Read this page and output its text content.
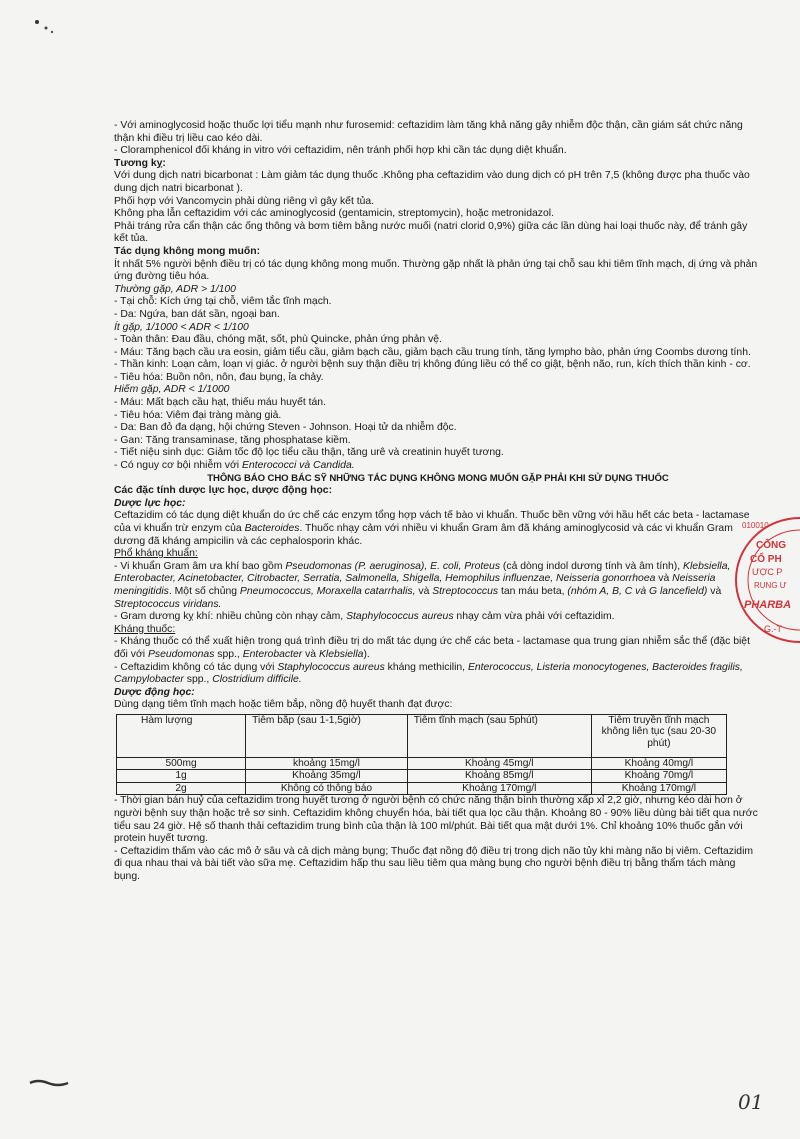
- Với aminoglycosid hoặc thuốc lợi tiểu mạnh như furosemid: ceftazidim làm tăng khả năng gây nhiễm độc thận, cần giám sát chức năng thận khi điều trị liều cao kéo dài.

- Cloramphenicol đối kháng in vitro với ceftazidim, nên tránh phối hợp khi cần tác dụng diệt khuẩn.

Tương kỵ:

Với dung dịch natri bicarbonat : Làm giảm tác dụng thuốc .Không pha ceftazidim vào dung dịch có pH trên 7,5 (không được pha thuốc vào dung dịch natri bicarbonat ).

Phối hợp với Vancomycin phải dùng riêng vì gây kết tủa.

Không pha lẫn ceftazidim với các aminoglycosid (gentamicin, streptomycin), hoặc metronidazol.

Phải tráng rửa cẩn thận các ống thông và bơm tiêm bằng nước muối (natri clorid 0,9%) giữa các lần dùng hai loại thuốc này, để tránh gây kết tủa.

Tác dụng không mong muốn:

Ít nhất 5% người bệnh điều trị có tác dụng không mong muốn. Thường gặp nhất là phản ứng tại chỗ sau khi tiêm tĩnh mạch, dị ứng và phản ứng đường tiêu hóa.

Thường gặp, ADR > 1/100

- Tại chỗ: Kích ứng tại chỗ, viêm tắc tĩnh mạch.

- Da: Ngứa, ban dát sần, ngoại ban.

Ít gặp, 1/1000 < ADR < 1/100

- Toàn thân: Đau đầu, chóng mặt, sốt, phù Quincke, phản ứng phản vệ.

- Máu: Tăng bạch cầu ưa eosin, giảm tiểu cầu, giảm bạch cầu, giảm bạch cầu trung tính, tăng lympho bào, phản ứng Coombs dương tính.

- Thần kinh: Loạn cảm, loạn vị giác. ở người bệnh suy thận điều trị không đúng liều có thể co giật, bệnh não, run, kích thích thần kinh - cơ.

- Tiêu hóa: Buồn nôn, nôn, đau bụng, ỉa chảy.

Hiếm gặp, ADR < 1/1000

- Máu: Mất bạch cầu hạt, thiếu máu huyết tán.

- Tiêu hóa: Viêm đại tràng màng giả.

- Da: Ban đỏ đa dạng, hội chứng Steven - Johnson. Hoại tử da nhiễm độc.

- Gan: Tăng transaminase, tăng phosphatase kiềm.

- Tiết niệu sinh dục: Giảm tốc độ lọc tiểu cầu thận, tăng urê và creatinin huyết tương.

- Có nguy cơ bội nhiễm với Enterococci và Candida.

THÔNG BÁO CHO BÁC SỸ NHỮNG TÁC DỤNG KHÔNG MONG MUỐN GẶP PHẢI KHI SỬ DỤNG THUỐC

Các đặc tính dược lực học, dược động học:

Dược lực học:

Ceftazidim có tác dụng diệt khuẩn do ức chế các enzym tổng hợp vách tế bào vi khuẩn. Thuốc bền vững với hầu hết các beta - lactamase của vi khuẩn trừ enzym của Bacteroides. Thuốc nhạy cảm với nhiều vi khuẩn Gram âm đã kháng aminoglycosid và các vi khuẩn Gram dương đã kháng ampicilin và các cephalosporin khác.

Phổ kháng khuẩn:

- Vi khuẩn Gram âm ưa khí bao gồm Pseudomonas (P. aeruginosa), E. coli, Proteus (cả dòng indol dương tính và âm tính), Klebsiella, Enterobacter, Acinetobacter, Citrobacter, Serratia, Salmonella, Shigella, Hemophilus influenzae, Neisseria gonorrhoea và Neisseria meningitidis. Một số chủng Pneumococcus, Moraxella catarrhalis, và Streptococcus tan máu beta, (nhóm A, B, C và G lancefield) và Streptococcus viridans.

- Gram dương kỵ khí: nhiều chủng còn nhạy cảm, Staphylococcus aureus nhạy cảm vừa phải với ceftazidim.

Kháng thuốc:

- Kháng thuốc có thể xuất hiện trong quá trình điều trị do mất tác dụng ức chế các beta - lactamase qua trung gian nhiễm sắc thể (đặc biệt đối với Pseudomonas spp., Enterobacter và Klebsiella).

- Ceftazidim không có tác dụng với Staphylococcus aureus kháng methicilin, Enterococcus, Listeria monocytogenes, Bacteroides fragilis, Campylobacter spp., Clostridium difficile.

Dược động học:

Dùng dạng tiêm tĩnh mạch hoặc tiêm bắp, nồng độ huyết thanh đạt được:

Hàm lượng	Tiêm bắp (sau 1-1,5giờ)	Tiêm tĩnh mạch (sau 5phút)	Tiêm truyền tĩnh mạch không liên tục (sau 20-30 phút)
500mg	khoảng 15mg/l	Khoảng 45mg/l	Khoảng 40mg/l
1g	Khoảng 35mg/l	Khoảng 85mg/l	Khoảng 70mg/l
2g	Không có thông báo	Khoảng 170mg/l	Khoảng 170mg/l

- Thời gian bán huỷ của ceftazidim trong huyết tương ở người bệnh có chức năng thận bình thường xấp xỉ 2,2 giờ, nhưng kéo dài hơn ở người bệnh suy thận hoặc trẻ sơ sinh. Ceftazidim không chuyển hóa, bài tiết qua lọc cầu thận. Khoảng 80 - 90% liều dùng bài tiết qua nước tiểu sau 24 giờ. Hệ số thanh thải ceftazidim trung bình của thận là 100 ml/phút. Bài tiết qua mật dưới 1%. Chỉ khoảng 10% thuốc gắn với protein huyết tương.

- Ceftazidim thấm vào các mô ở sâu và cả dịch màng bụng; Thuốc đạt nồng độ điều trị trong dịch não tủy khi màng não bị viêm. Ceftazidim đi qua nhau thai và bài tiết vào sữa mẹ. Ceftazidim hấp thu sau liều tiêm qua màng bụng cho người bệnh điều trị bằng thẩm tách màng bụng.

010010
CÔNG
CỔ PH
ƯỢC P
RUNG Ư
PHARBA
G.-T
01
